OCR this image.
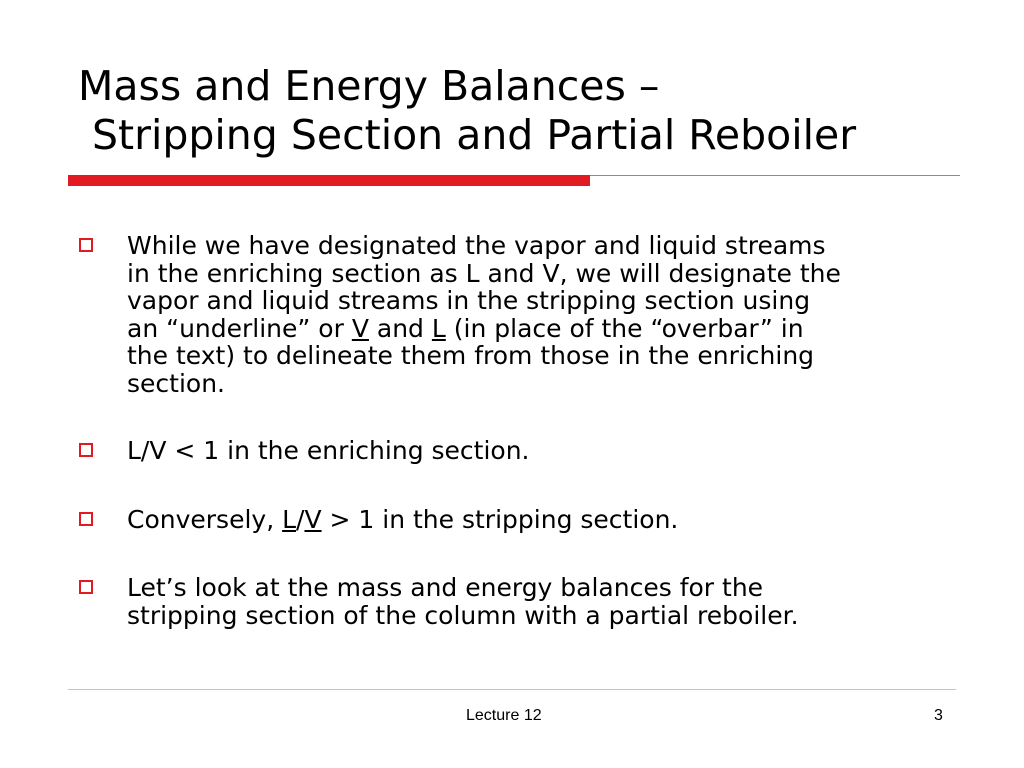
Mass and Energy Balances –
Stripping Section and Partial Reboiler
While we have designated the vapor and liquid streams
in the enriching section as L and V, we will designate the
vapor and liquid streams in the stripping section using
an “underline” or V and L (in place of the “overbar” in
the text) to delineate them from those in the enriching
section.
L/V < 1 in the enriching section.
Conversely, L/V > 1 in the stripping section.
Let’s look at the mass and energy balances for the
stripping section of the column with a partial reboiler.
Lecture 12	3
